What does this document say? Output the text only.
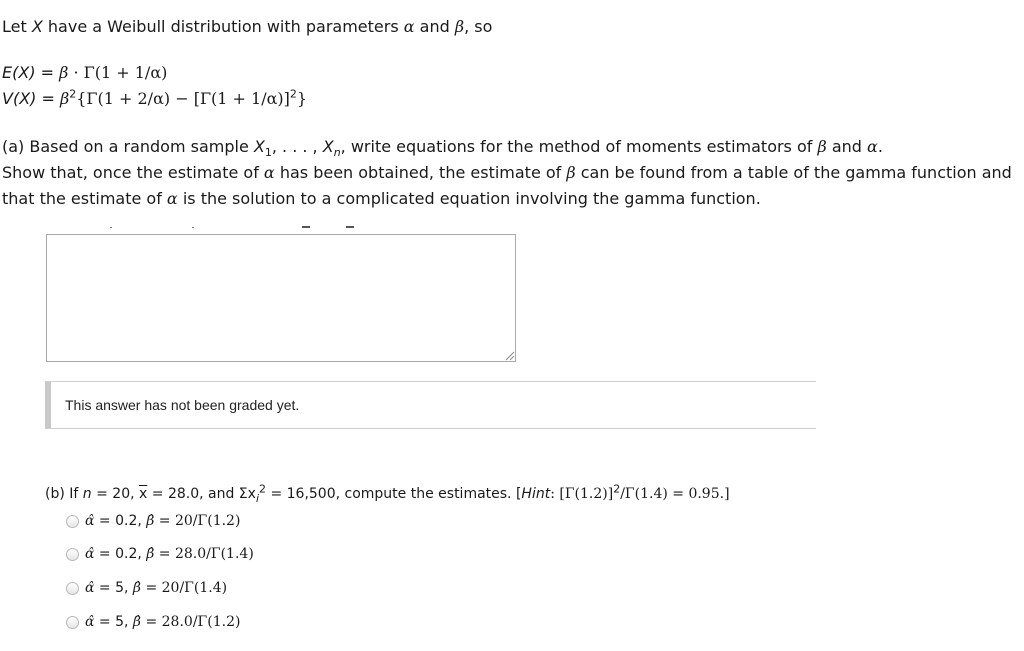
Let X have a Weibull distribution with parameters α and β, so
E(X) = β · Γ(1 + 1/α)
$V(X) = \beta^2\{\Gamma(1 + 2/\alpha) - [\Gamma(1 + 1/\alpha)]^2\}$
(a) Based on a random sample $X_1$, . . . , $X_n$, write equations for the method of moments estimators of β and α.
Show that, once the estimate of α has been obtained, the estimate of β can be found from a table of the gamma function and that the estimate of α is the solution to a complicated equation involving the gamma function.
This answer has not been graded yet.
(b) If n = 20, $\overline{x} = 28.0$, and $\Sigma x_i^2 = 16,500$, compute the estimates. [Hint: $[\Gamma(1.2)]^2/\Gamma(1.4) = 0.95$.]
α̂ = 0.2, β̂ = 20/Γ(1.2)
α̂ = 0.2, β̂ = 28.0/Γ(1.4)
α̂ = 5, β̂ = 20/Γ(1.4)
α̂ = 5, β̂ = 28.0/Γ(1.2)
